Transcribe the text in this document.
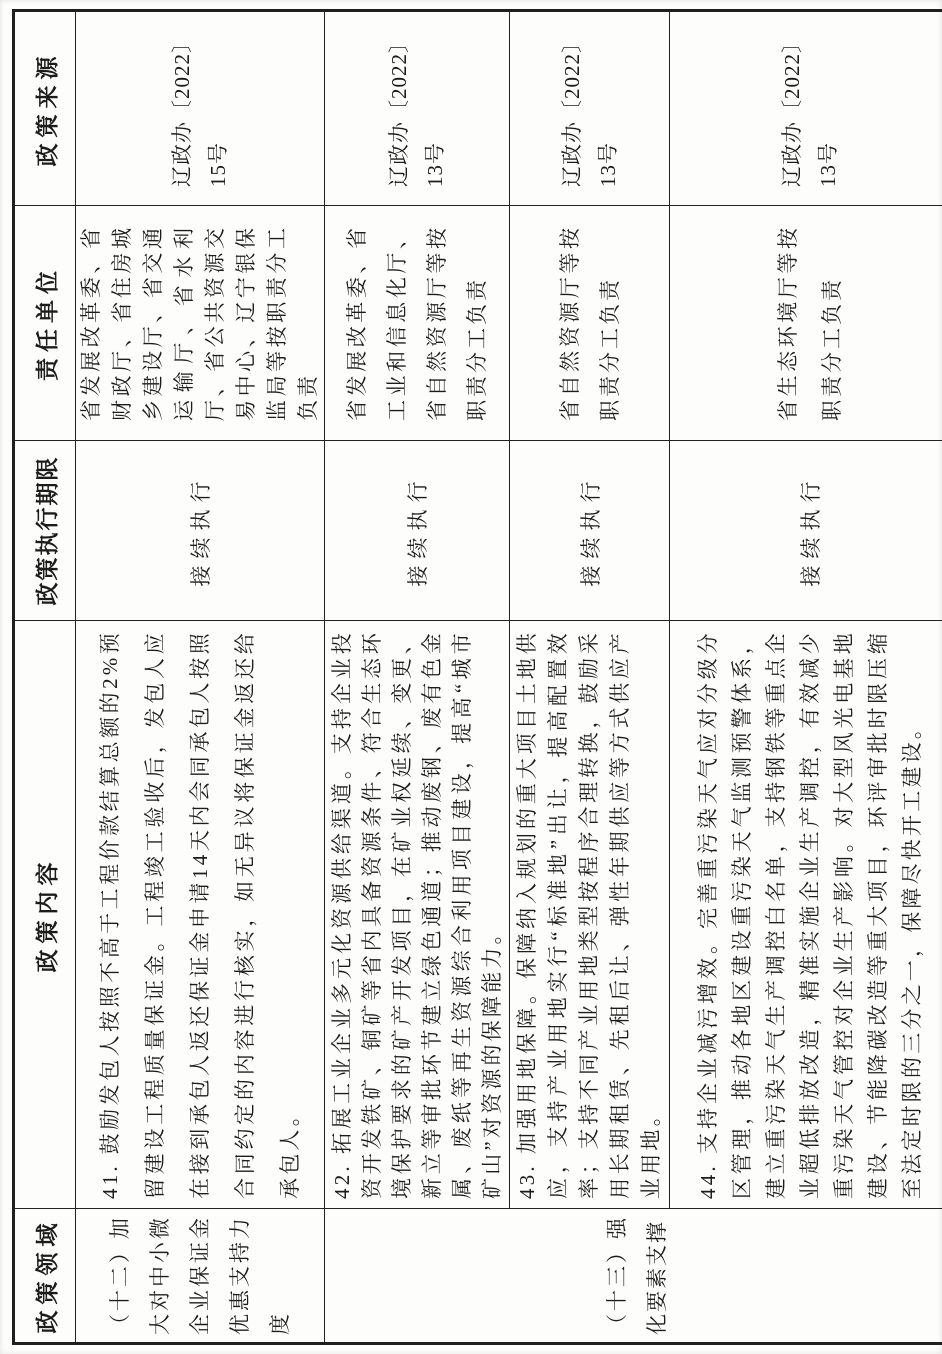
政策领域	政策内容	政策执行期限	责任单位	政策来源
（十二）加大对中小微企业保证金优惠支持力度	41. 鼓励发包人按照不高于工程价款结算总额的2%预留建设工程质量保证金。工程竣工验收后，发包人应在接到承包人返还保证金申请14天内会同承包人按照合同约定的内容进行核实，如无异议将保证金返还给承包人。	接续执行	省发展改革委、省财政厅、省住房城乡建设厅、省交通运输厅、省水利厅、省公共资源交易中心、辽宁银保监局等按职责分工负责	辽政办〔2022〕 15号

（十三）强化要素支撑	42. 拓展工业企业多元化资源供给渠道。支持企业投资开发铁矿、铜矿等省内具备资源条件、符合生态环境保护要求的矿产开发项目，在矿业权延续、变更、新立等审批环节建立绿色通道；推动废钢、废有色金属、废纸等再生资源综合利用项目建设，提高“城市矿山”对资源的保障能力。	接续执行	省发展改革委、省工业和信息化厅、省自然资源厅等按职责分工负责	辽政办〔2022〕 13号

	43. 加强用地保障。保障纳入规划的重大项目土地供应，支持产业用地实行“标准地”出让，提高配置效率；支持不同产业用地类型按程序合理转换，鼓励采用长期租赁、先租后让、弹性年期供应等方式供应产业用地。	接续执行	省自然资源厅等按职责分工负责	辽政办〔2022〕 13号

	44. 支持企业减污增效。完善重污染天气应对分级分区管理，推动各地区建设重污染天气监测预警体系，建立重污染天气生产调控白名单，支持钢铁等重点企业超低排放改造，精准实施企业生产调控，有效减少重污染天气管控对企业生产影响。对大型风光电基地建设、节能降碳改造等重大项目，环评审批时限压缩至法定时限的三分之一，保障尽快开工建设。	接续执行	省生态环境厅等按职责分工负责	辽政办〔2022〕 13号
